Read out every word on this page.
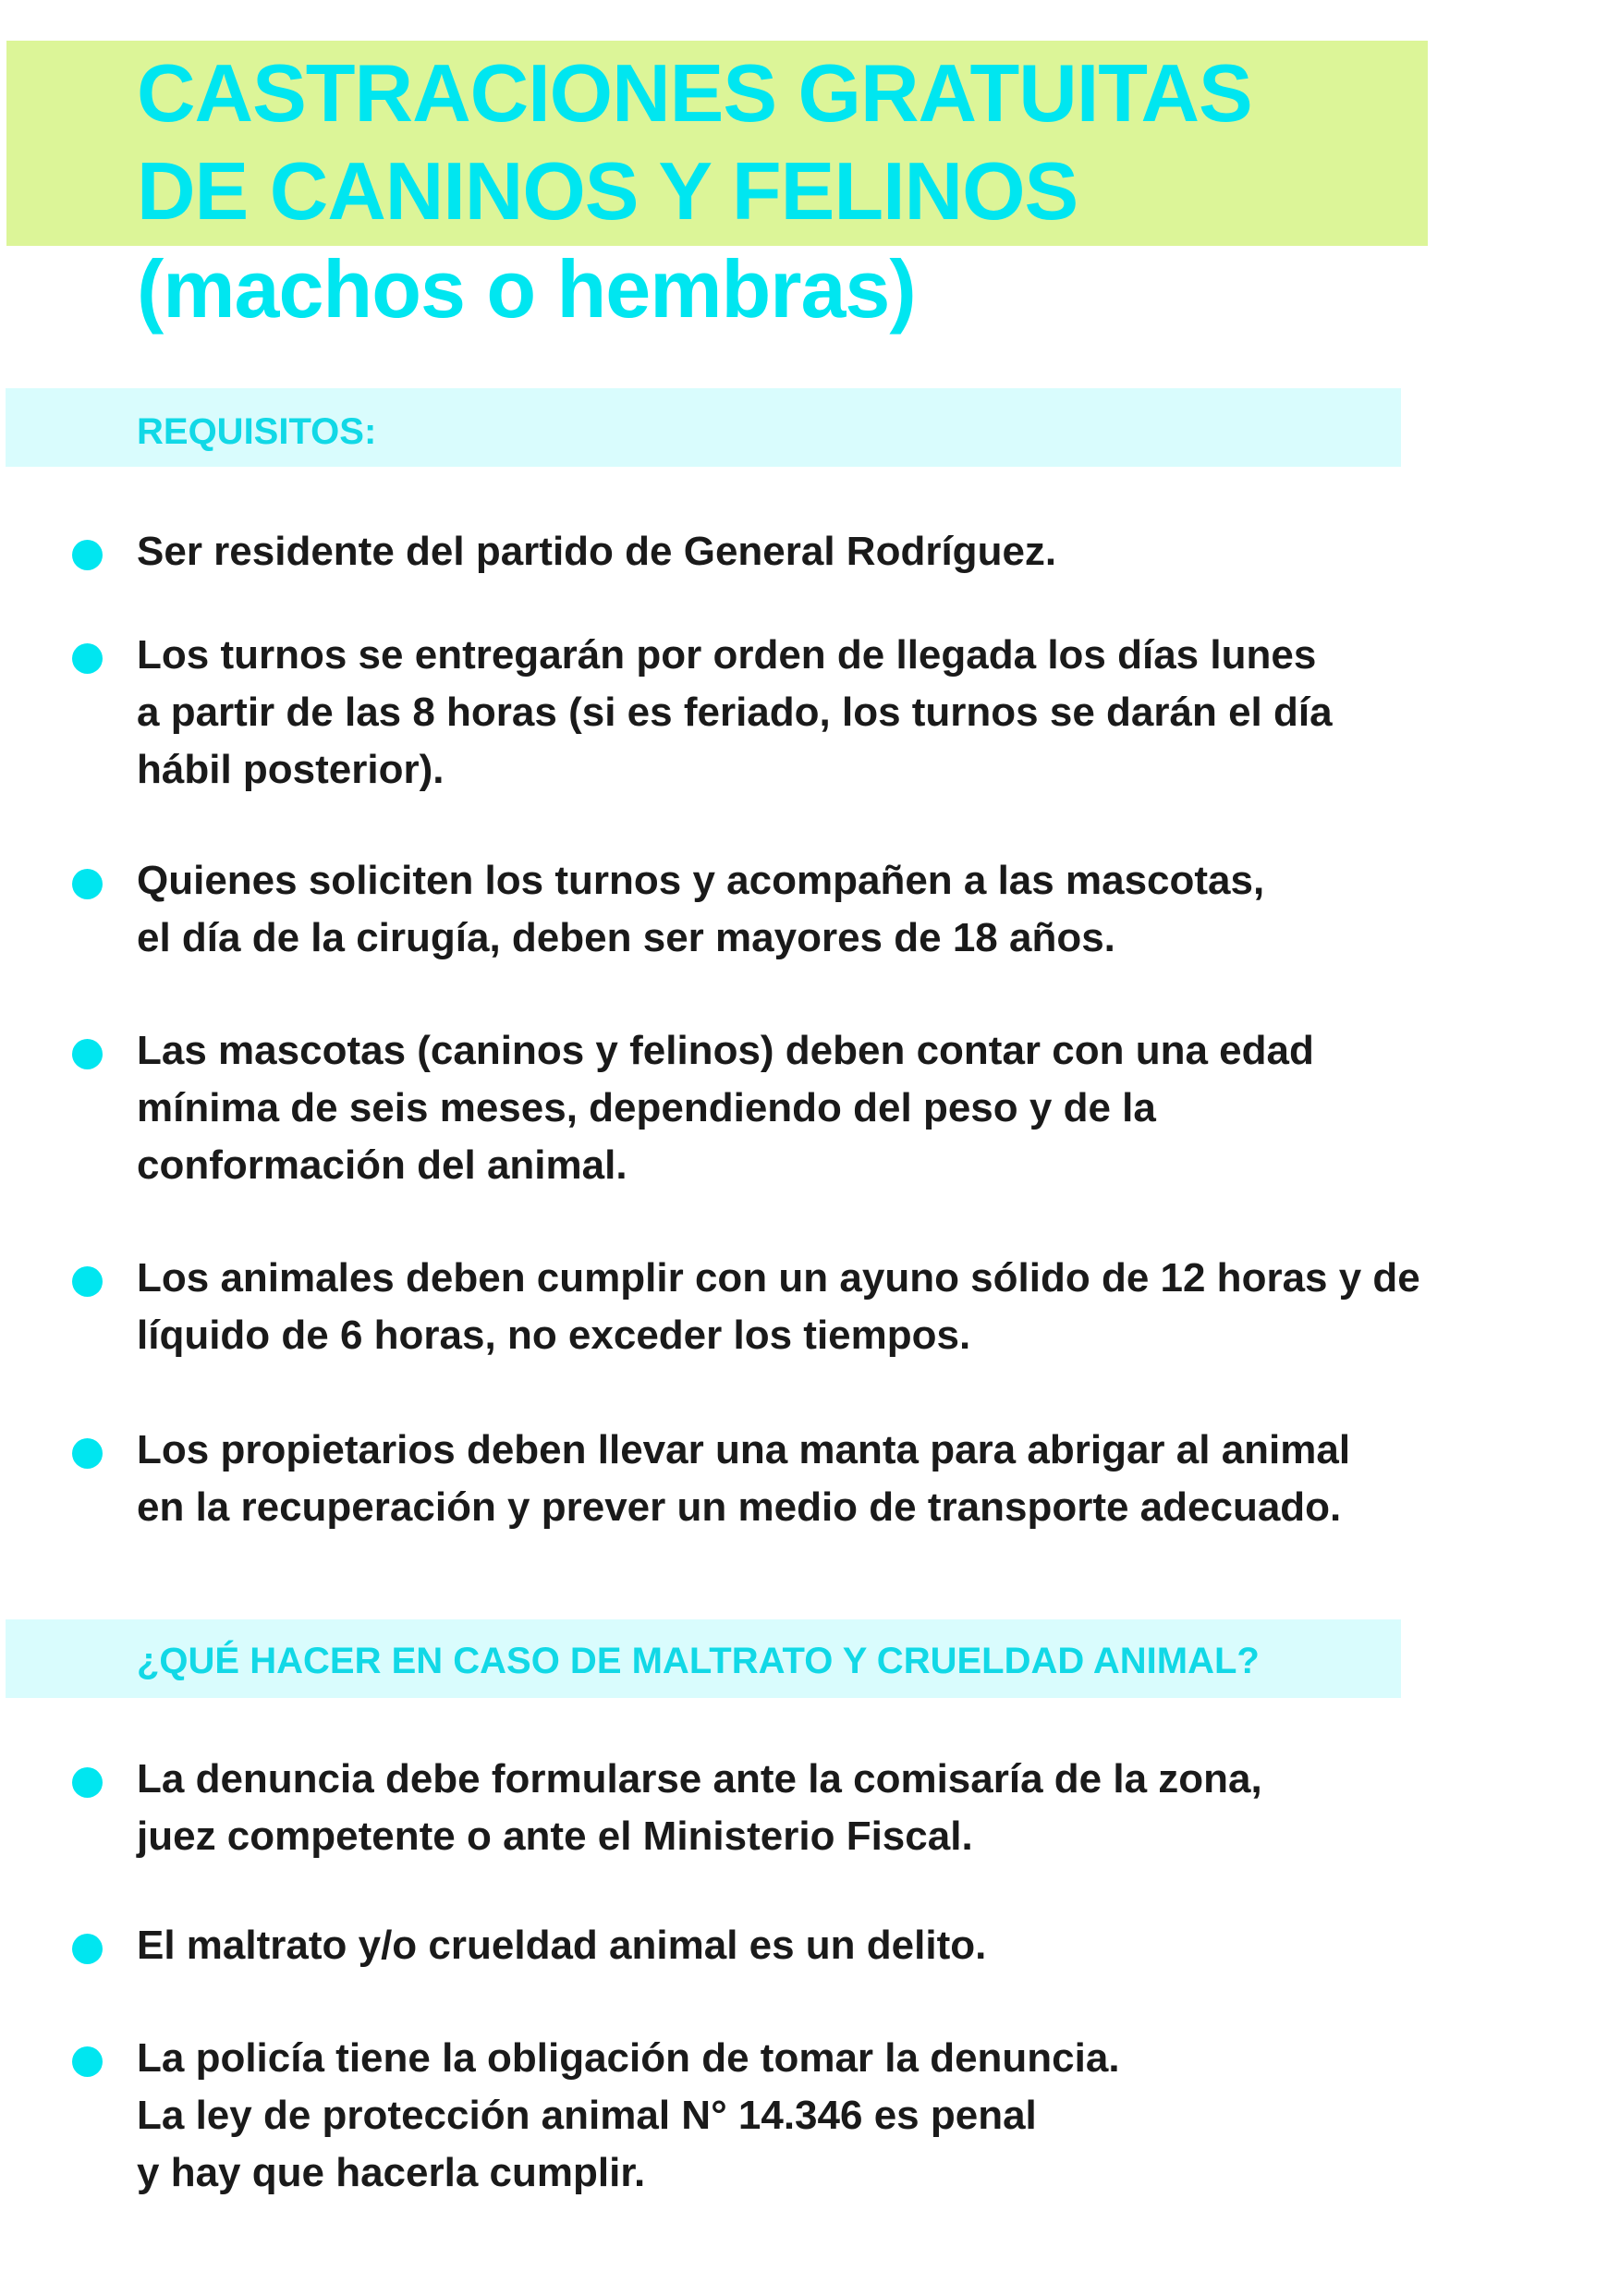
CASTRACIONES GRATUITAS
DE CANINOS Y FELINOS
(machos o hembras)
REQUISITOS:

Ser residente del partido de General Rodríguez.

Los turnos se entregarán por orden de llegada los días lunes
a partir de las 8 horas (si es feriado, los turnos se darán el día
hábil posterior).

Quienes soliciten los turnos y acompañen a las mascotas,
el día de la cirugía, deben ser mayores de 18 años.

Las mascotas (caninos y felinos) deben contar con una edad
mínima de seis meses, dependiendo del peso y de la
conformación del animal.

Los animales deben cumplir con un ayuno sólido de 12 horas y de
líquido de 6 horas, no exceder los tiempos.

Los propietarios deben llevar una manta para abrigar al animal
en la recuperación y prever un medio de transporte adecuado.

¿QUÉ HACER EN CASO DE MALTRATO Y CRUELDAD ANIMAL?

La denuncia debe formularse ante la comisaría de la zona,
juez competente o ante el Ministerio Fiscal.

El maltrato y/o crueldad animal es un delito.

La policía tiene la obligación de tomar la denuncia.
La ley de protección animal N° 14.346 es penal
y hay que hacerla cumplir.
